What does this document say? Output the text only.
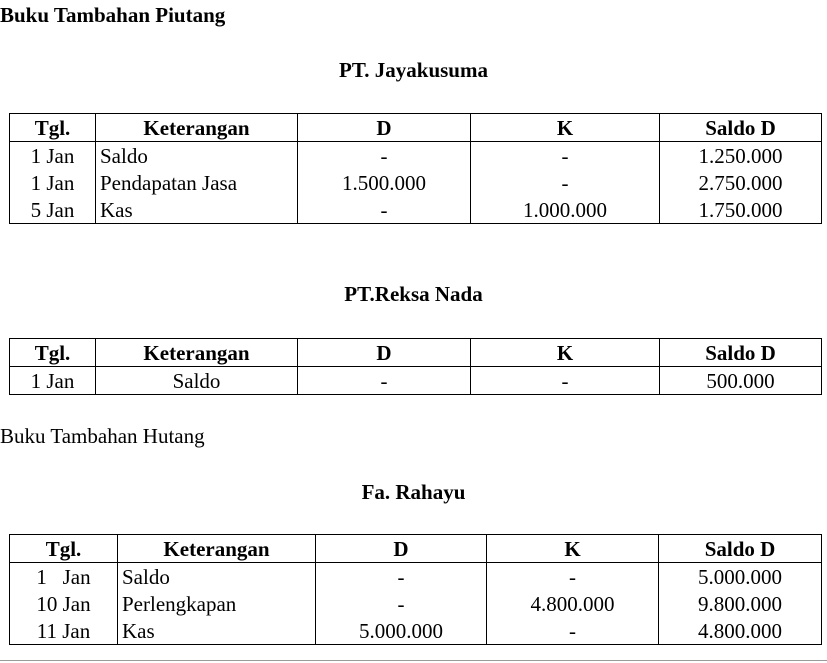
Buku Tambahan Piutang
PT. Jayakusuma
Tgl.	Keterangan	D	K	Saldo D
1 Jan	Saldo	-	-	1.250.000
1 Jan	Pendapatan Jasa	1.500.000	-	2.750.000
5 Jan	Kas	-	1.000.000	1.750.000
PT.Reksa Nada
Tgl.	Keterangan	D	K	Saldo D
1 Jan	Saldo	-	-	500.000
Buku Tambahan Hutang
Fa. Rahayu
Tgl.	Keterangan	D	K	Saldo D
1   Jan	Saldo	-	-	5.000.000
10 Jan	Perlengkapan	-	4.800.000	9.800.000
11 Jan	Kas	5.000.000	-	4.800.000
